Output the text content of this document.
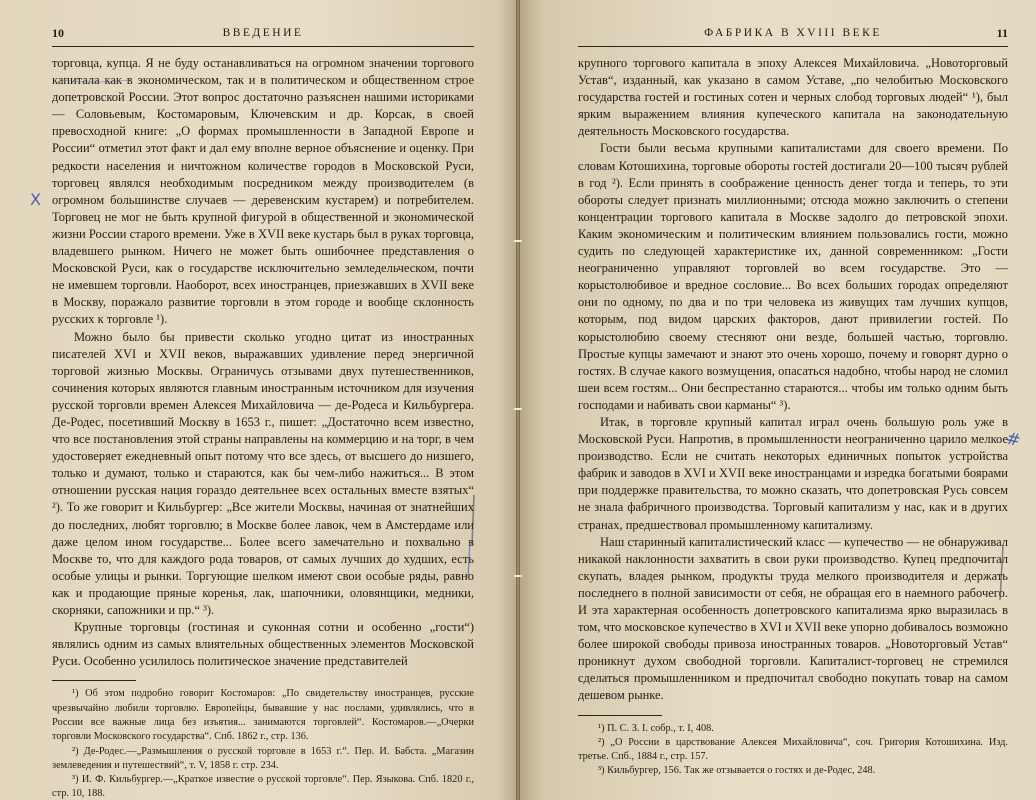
10	ВВЕДЕНИЕ

торговца, купца. Я не буду останавливаться на огромном значении торгового капитала как в экономическом, так и в политическом и общественном строе допетровской России. Этот вопрос достаточно разъяснен нашими историками — Соловьевым, Костомаровым, Ключевским и др. Корсак, в своей превосходной книге: „О формах промышленности в Западной Европе и России“ отметил этот факт и дал ему вполне верное объяснение и оценку. При редкости населения и ничтожном количестве городов в Московской Руси, торговец являлся необходимым посредником между производителем (в огромном большинстве случаев — деревенским кустарем) и потребителем. Торговец не мог не быть крупной фигурой в общественной и экономической жизни России старого времени. Уже в XVII веке кустарь был в руках торговца, владевшего рынком. Ничего не может быть ошибочнее представления о Московской Руси, как о государстве исключительно земледельческом, почти не имевшем торговли. Наоборот, всех иностранцев, приезжавших в XVII веке в Москву, поражало развитие торговли в этом городе и вообще склонность русских к торговле ¹).

Можно было бы привести сколько угодно цитат из иностранных писателей XVI и XVII веков, выражавших удивление перед энергичной торговой жизнью Москвы. Ограничусь отзывами двух путешественников, сочинения которых являются главным иностранным источником для изучения русской торговли времен Алексея Михайловича — де-Родеса и Кильбургера. Де-Родес, посетивший Москву в 1653 г., пишет: „Достаточно всем известно, что все постановления этой страны направлены на коммерцию и на торг, в чем удостоверяет ежедневный опыт потому что все здесь, от высшего до низшего, только и думают, только и стараются, как бы чем-либо нажиться... В этом отношении русская нация гораздо деятельнее всех остальных вместе взятых“ ²). То же говорит и Кильбургер: „Все жители Москвы, начиная от знатнейших до последних, любят торговлю; в Москве более лавок, чем в Амстердаме или даже целом ином государстве... Более всего замечательно и похвально в Москве то, что для каждого рода товаров, от самых лучших до худших, есть особые улицы и рынки. Торгующие шелком имеют свои особые ряды, равно как и продающие пряные коренья, лак, шапочники, оловянщики, медники, скорняки, сапожники и пр.“ ³).

Крупные торговцы (гостиная и суконная сотни и особенно „гости“) являлись одним из самых влиятельных общественных элементов Московской Руси. Особенно усилилось политическое значение представителей

¹) Об этом подробно говорит Костомаров: „По свидетельству иностранцев, русские чрезвычайно любили торговлю. Европейцы, бывавшие у нас послами, удивлялись, что в России все важные лица без изъятия... занимаются торговлей“. Костомаров.—„Очерки торговли Московского государства“. Спб. 1862 г., стр. 136.

²) Де-Родес.—„Размышления о русской торговле в 1653 г.“. Пер. И. Бабста. „Магазин землеведения и путешествий“, т. V, 1858 г. стр. 234.

³) И. Ф. Кильбургер.—„Краткое известие о русской торговле“. Пер. Языкова. Спб. 1820 г., стр. 10, 188.

ФАБРИКА В XVIII ВЕКЕ	11

крупного торгового капитала в эпоху Алексея Михайловича. „Новоторговый Устав“, изданный, как указано в самом Уставе, „по челобитью Московского государства гостей и гостиных сотен и черных слобод торговых людей“ ¹), был ярким выражением влияния купеческого капитала на законодательную деятельность Московского государства.

Гости были весьма крупными капиталистами для своего времени. По словам Котошихина, торговые обороты гостей достигали 20—100 тысяч рублей в год ²). Если принять в соображение ценность денег тогда и теперь, то эти обороты следует признать миллионными; отсюда можно заключить о степени концентрации торгового капитала в Москве задолго до петровской эпохи. Каким экономическим и политическим влиянием пользовались гости, можно судить по следующей характеристике их, данной современником: „Гости неограниченно управляют торговлей во всем государстве. Это — корыстолюбивое и вредное сословие... Во всех больших городах определяют они по одному, по два и по три человека из живущих там лучших купцов, которым, под видом царских факторов, дают привилегии гостей. По корыстолюбию своему стесняют они везде, большей частью, торговлю. Простые купцы замечают и знают это очень хорошо, почему и говорят дурно о гостях. В случае какого возмущения, опасаться надобно, чтобы народ не сломил шеи всем гостям... Они беспрестанно стараются... чтобы им только одним быть господами и набивать свои карманы“ ³).

Итак, в торговле крупный капитал играл очень большую роль уже в Московской Руси. Напротив, в промышленности неограниченно царило мелкое производство. Если не считать некоторых единичных попыток устройства фабрик и заводов в XVI и XVII веке иностранцами и изредка богатыми боярами при поддержке правительства, то можно сказать, что допетровская Русь совсем не знала фабричного производства. Торговый капитализм у нас, как и в других странах, предшествовал промышленному капитализму.

Наш старинный капиталистический класс — купечество — не обнаруживал никакой наклонности захватить в свои руки производство. Купец предпочитал скупать, владея рынком, продукты труда мелкого производителя и держать последнего в полной зависимости от себя, не обращая его в наемного рабочего. И эта характерная особенность допетровского капитализма ярко выразилась в том, что московское купечество в XVI и XVII веке упорно добивалось возможно более широкой свободы привоза иностранных товаров. „Новоторговый Устав“ проникнут духом свободной торговли. Капиталист-торговец не стремился сделаться промышленником и предпочитал свободно покупать товар на самом дешевом рынке.

¹) П. С. З. I. собр., т. I, 408.

²) „О России в царствование Алексея Михайловича“, соч. Григория Котошихина. Изд. третье. Спб., 1884 г., стр. 157.

³) Кильбургер, 156. Так же отзывается о гостях и де-Родес, 248.

Х
#
